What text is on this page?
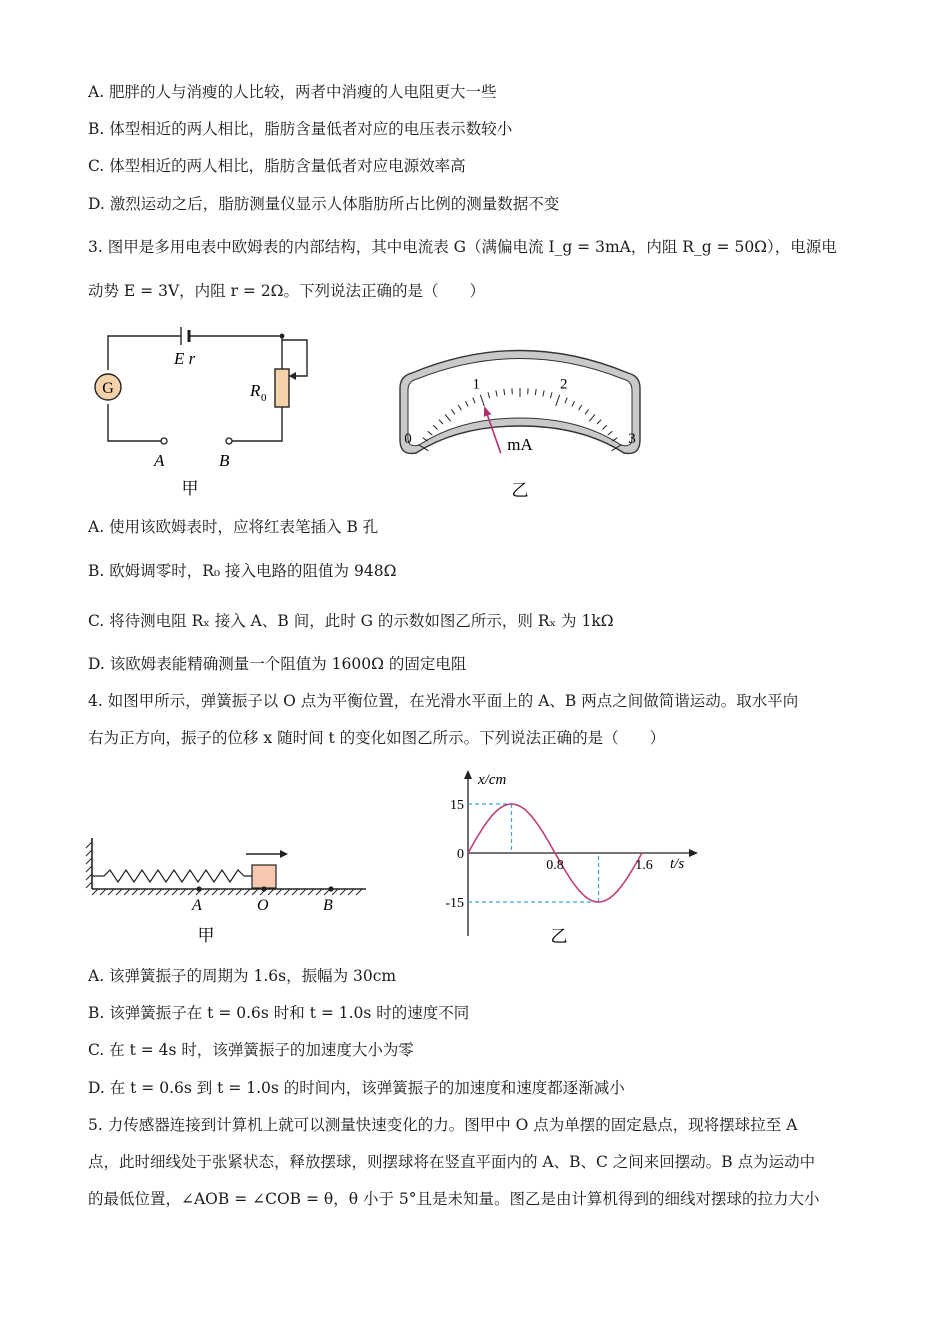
A. 肥胖的人与消瘦的人比较，两者中消瘦的人电阻更大一些
B. 体型相近的两人相比，脂肪含量低者对应的电压表示数较小
C. 体型相近的两人相比，脂肪含量低者对应电源效率高
D. 激烈运动之后，脂肪测量仪显示人体脂肪所占比例的测量数据不变
3. 图甲是多用电表中欧姆表的内部结构，其中电流表 G（满偏电流 I_g = 3mA，内阻 R_g = 50Ω），电源电
动势 E = 3V，内阻 r = 2Ω。下列说法正确的是（　　）
E r
G	R 0
A	B
甲
0
1	2
3
mA
乙
A. 使用该欧姆表时，应将红表笔插入 B 孔
B. 欧姆调零时，R₀ 接入电路的阻值为 948Ω
C. 将待测电阻 Rₓ 接入 A、B 间，此时 G 的示数如图乙所示，则 Rₓ 为 1kΩ
D. 该欧姆表能精确测量一个阻值为 1600Ω 的固定电阻
4. 如图甲所示，弹簧振子以 O 点为平衡位置，在光滑水平面上的 A、B 两点之间做简谐运动。取水平向
右为正方向，振子的位移 x 随时间 t 的变化如图乙所示。下列说法正确的是（　　）
A	O	B
甲
x/cm
t/s
15
0
-15
0.8	1.6
乙
A. 该弹簧振子的周期为 1.6s，振幅为 30cm
B. 该弹簧振子在 t = 0.6s 时和 t = 1.0s 时的速度不同
C. 在 t = 4s 时，该弹簧振子的加速度大小为零
D. 在 t = 0.6s 到 t = 1.0s 的时间内，该弹簧振子的加速度和速度都逐渐减小
5. 力传感器连接到计算机上就可以测量快速变化的力。图甲中 O 点为单摆的固定悬点，现将摆球拉至 A
点，此时细线处于张紧状态，释放摆球，则摆球将在竖直平面内的 A、B、C 之间来回摆动。B 点为运动中
的最低位置，∠AOB = ∠COB = θ，θ 小于 5°且是未知量。图乙是由计算机得到的细线对摆球的拉力大小
